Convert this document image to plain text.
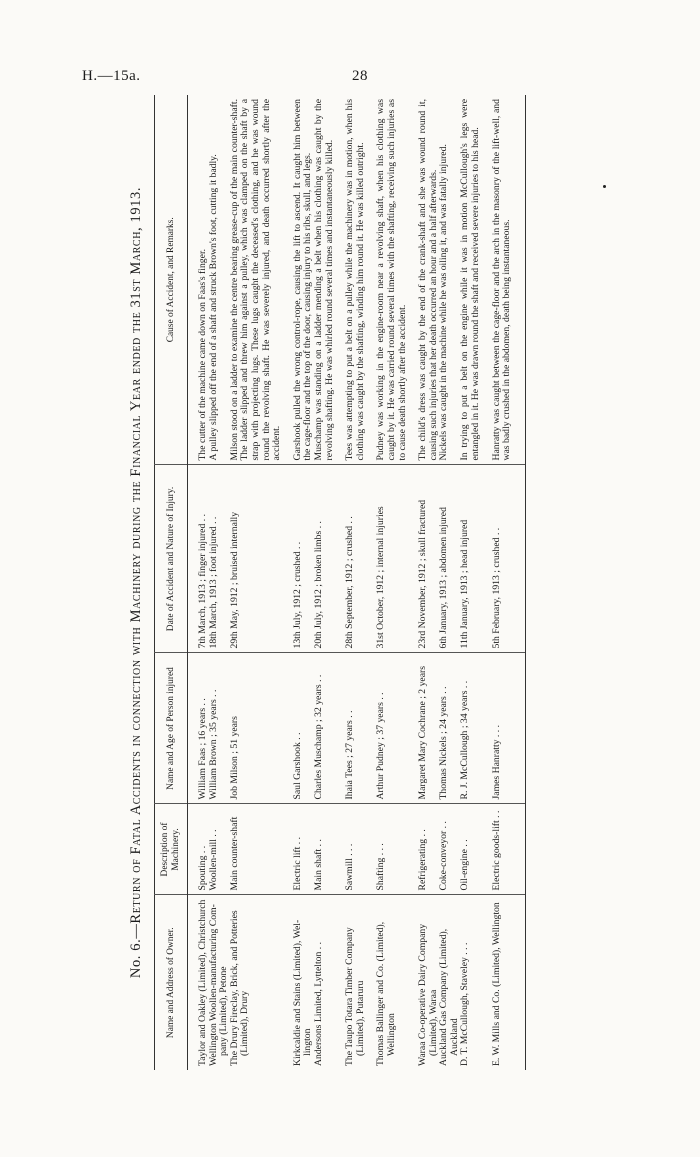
H.—15a.	28
No. 6.—Return of Fatal Accidents in connection with Machinery during the Financial Year ended the 31st March, 1913.
Name and Address of Owner.	Description of Machinery.	Name and Age of Person injured	Date of Accident and Nature of Injury.	Cause of Accident, and Remarks.
Taylor and Oakley (Limited), Christchurch	Spouting . .	William Faas ; 16 years . .	7th March, 1913 ; finger injured . .	The cutter of the machine came down on Faas's finger.
Wellington Woollen-manufacturing Company (Limited), Petone	Woollen-mill . .	William Brown ; 35 years . .	18th March, 1913 ; foot injured . .	A pulley slipped off the end of a shaft and struck Brown's foot, cutting it badly.
The Drury Fireclay, Brick, and Potteries (Limited), Drury	Main counter-shaft	Job Milson ; 51 years	29th May, 1912 ; bruised internally	Milson stood on a ladder to examine the centre bearing grease-cup of the main counter-shaft. The ladder slipped and threw him against a pulley, which was clamped on the shaft by a strap with projecting lugs. These lugs caught the deceased's clothing, and he was wound round the revolving shaft. He was severely injured, and death occurred shortly after the accident.
Kirkcaldie and Stains (Limited), Wellington	Electric lift . .	Saul Garshook . .	13th July, 1912 ; crushed . .	Garshook pulled the wrong control-rope, causing the lift to ascend. It caught him between the cage-floor and the top of the door, causing injury to his ribs, skull, and legs.
Andersons Limited, Lyttelton . .	Main shaft . .	Charles Muschamp ; 32 years . .	20th July, 1912 ; broken limbs . .	Muschamp was standing on a ladder mending a belt when his clothing was caught by the revolving shafting. He was whirled round several times and instantaneously killed.
The Taupo Totara Timber Company (Limited), Putaruru	Sawmill . . .	Ihaia Tees ; 27 years . .	28th September, 1912 ; crushed . .	Tees was attempting to put a belt on a pulley while the machinery was in motion, when his clothing was caught by the shafting, winding him round it. He was killed outright.
Thomas Ballinger and Co. (Limited), Wellington	Shafting . . .	Arthur Pudney ; 37 years . .	31st October, 1912 ; internal injuries	Pudney was working in the engine-room near a revolving shaft, when his clothing was caught by it. He was carried round several times with the shafting, receiving such injuries as to cause death shortly after the accident.
Waraa Co-operative Dairy Company (Limited), Waraa	Refrigerating . .	Margaret Mary Cochrane ; 2 years	23rd November, 1912 ; skull fractured	The child's dress was caught by the end of the crank-shaft and she was wound round it, causing such injuries that her death occurred an hour and a half afterwards.
Auckland Gas Company (Limited), Auckland	Coke-conveyor . .	Thomas Nickels ; 24 years . .	6th January, 1913 ; abdomen injured	Nickels was caught in the machine while he was oiling it, and was fatally injured.
D. T. McCullough, Staveley . . .	Oil-engine . .	R. J. McCullough ; 34 years . .	11th January, 1913 ; head injured	In trying to put a belt on the engine while it was in motion McCullough's legs were entangled in it. He was drawn round the shaft and received severe injuries to his head.
E. W. Mills and Co. (Limited), Wellington	Electric goods-lift . .	James Hanratty . . .	5th February, 1913 ; crushed . .	Hanratty was caught between the cage-floor and the arch in the masonry of the lift-well, and was badly crushed in the abdomen, death being instantaneous.
